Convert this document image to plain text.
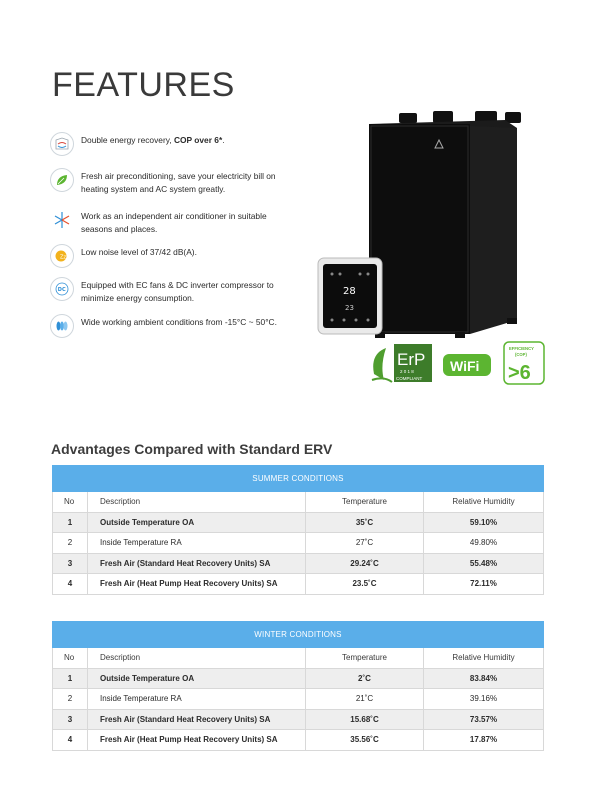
FEATURES
Double energy recovery, COP over 6*.
Fresh air preconditioning, save your electricity bill on heating system and AC system greatly.
Work as an independent air conditioner in suitable seasons and places.
Zzz
Low noise level of 37/42 dB(A).
DC Equipped with EC fans & DC inverter compressor to minimize energy consumption.
Wide working ambient conditions from -15°C ~ 50°C.
28
23
ErP
2 0 1 8
COMPLIANT
WiFi
EFFICIENCY
(COP)
>6
Advantages Compared with Standard ERV
SUMMER CONDITIONS			
No	Description	Temperature	Relative Humidity
1	Outside Temperature OA	35˚C	59.10%
2	Inside Temperature RA	27˚C	49.80%
3	Fresh Air (Standard Heat Recovery Units) SA	29.24˚C	55.48%
4	Fresh Air (Heat Pump Heat Recovery Units) SA	23.5˚C	72.11%
WINTER CONDITIONS			
No	Description	Temperature	Relative Humidity
1	Outside Temperature OA	2˚C	83.84%
2	Inside Temperature RA	21˚C	39.16%
3	Fresh Air (Standard Heat Recovery Units) SA	15.68˚C	73.57%
4	Fresh Air (Heat Pump Heat Recovery Units) SA	35.56˚C	17.87%
